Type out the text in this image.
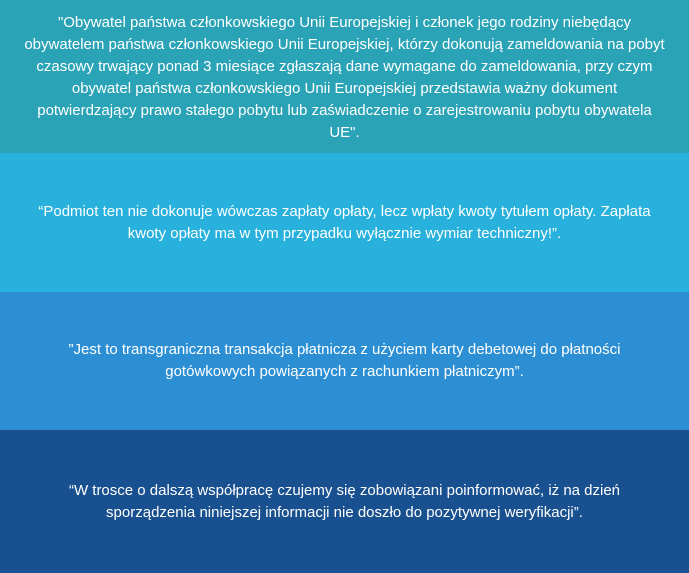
"Obywatel państwa członkowskiego Unii Europejskiej i członek jego rodziny niebędący obywatelem państwa członkowskiego Unii Europejskiej, którzy dokonują zameldowania na pobyt czasowy trwający ponad 3 miesiące zgłaszają dane wymagane do zameldowania, przy czym obywatel państwa członkowskiego Unii Europejskiej przedstawia ważny dokument potwierdzający prawo stałego pobytu lub zaświadczenie o zarejestrowaniu pobytu obywatela UE".

“Podmiot ten nie dokonuje wówczas zapłaty opłaty, lecz wpłaty kwoty tytułem opłaty. Zapłata kwoty opłaty ma w tym przypadku wyłącznie wymiar techniczny!”.

”Jest to transgraniczna transakcja płatnicza z użyciem karty debetowej do płatności gotówkowych powiązanych z rachunkiem płatniczym”.

“W trosce o dalszą współpracę czujemy się zobowiązani poinformować, iż na dzień sporządzenia niniejszej informacji nie doszło do pozytywnej weryfikacji”.
